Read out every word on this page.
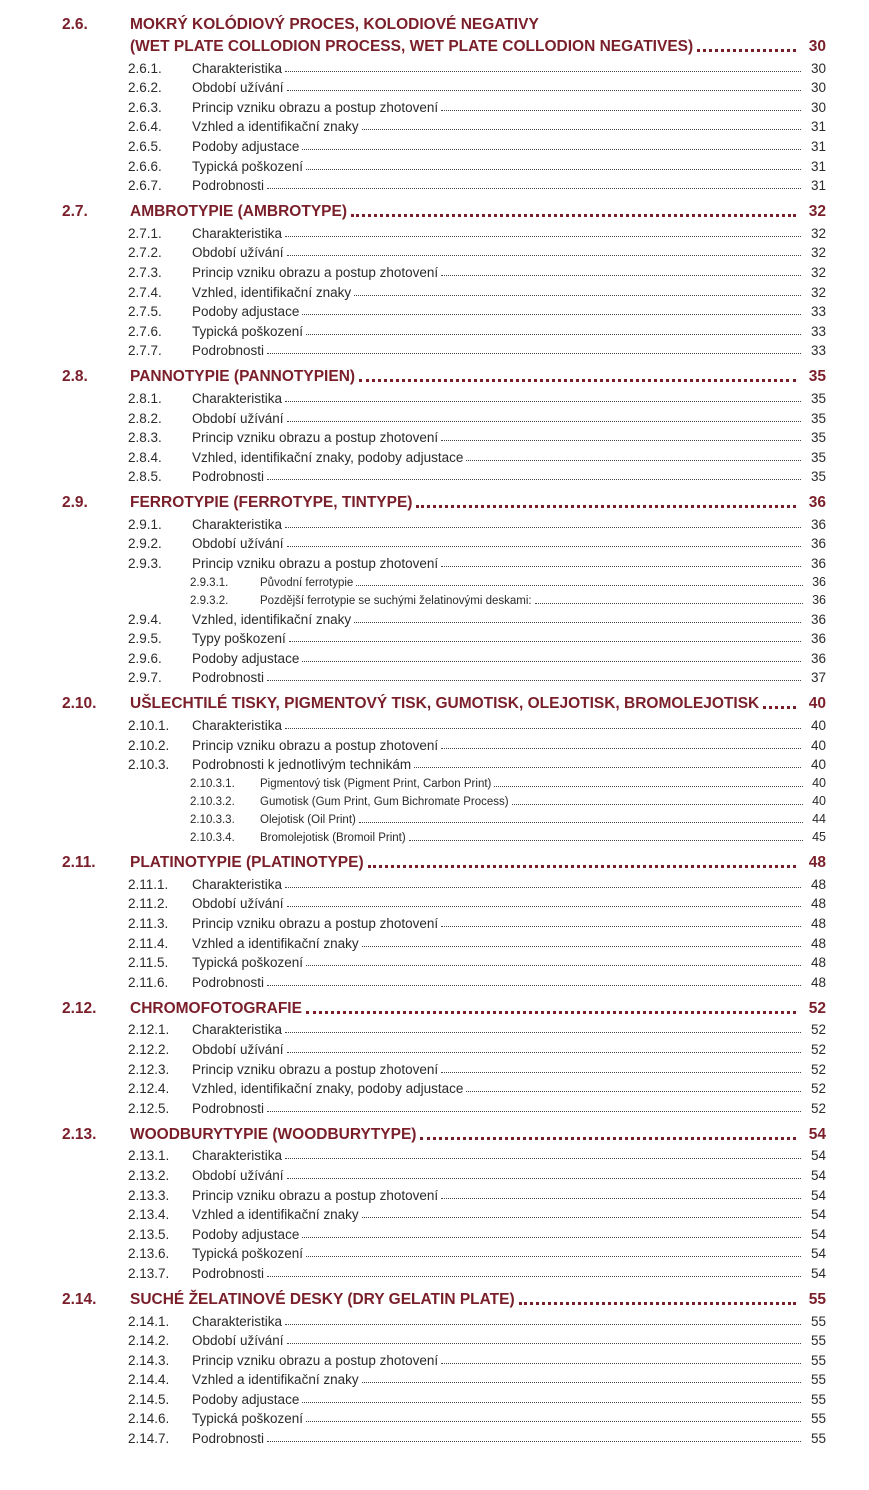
2.6.	MOKRÝ KOLÓDIOVÝ PROCES, KOLODIOVÉ NEGATIVY
(WET PLATE COLLODION PROCESS, WET PLATE COLLODION NEGATIVES)	30
2.6.1.	Charakteristika	30
2.6.2.	Období užívání	30
2.6.3.	Princip vzniku obrazu a postup zhotovení	30
2.6.4.	Vzhled a identifikační znaky	31
2.6.5.	Podoby adjustace	31
2.6.6.	Typická poškození	31
2.6.7.	Podrobnosti	31
2.7.	AMBROTYPIE (AMBROTYPE)	32
2.7.1.	Charakteristika	32
2.7.2.	Období užívání	32
2.7.3.	Princip vzniku obrazu a postup zhotovení	32
2.7.4.	Vzhled, identifikační znaky	32
2.7.5.	Podoby adjustace	33
2.7.6.	Typická poškození	33
2.7.7.	Podrobnosti	33
2.8.	PANNOTYPIE (PANNOTYPIEN)	35
2.8.1.	Charakteristika	35
2.8.2.	Období užívání	35
2.8.3.	Princip vzniku obrazu a postup zhotovení	35
2.8.4.	Vzhled, identifikační znaky, podoby adjustace	35
2.8.5.	Podrobnosti	35
2.9.	FERROTYPIE (FERROTYPE, TINTYPE)	36
2.9.1.	Charakteristika	36
2.9.2.	Období užívání	36
2.9.3.	Princip vzniku obrazu a postup zhotovení	36
2.9.3.1.	Původní ferrotypie	36
2.9.3.2.	Pozdější ferrotypie se suchými želatinovými deskami:	36
2.9.4.	Vzhled, identifikační znaky	36
2.9.5.	Typy poškození	36
2.9.6.	Podoby adjustace	36
2.9.7.	Podrobnosti	37
2.10.	UŠLECHTILÉ TISKY, PIGMENTOVÝ TISK, GUMOTISK, OLEJOTISK, BROMOLEJOTISK	40
2.10.1.	Charakteristika	40
2.10.2.	Princip vzniku obrazu a postup zhotovení	40
2.10.3.	Podrobnosti k jednotlivým technikám	40
2.10.3.1.	Pigmentový tisk (Pigment Print, Carbon Print)	40
2.10.3.2.	Gumotisk (Gum Print, Gum Bichromate Process)	40
2.10.3.3.	Olejotisk (Oil Print)	44
2.10.3.4.	Bromolejotisk (Bromoil Print)	45
2.11.	PLATINOTYPIE (PLATINOTYPE)	48
2.11.1.	Charakteristika	48
2.11.2.	Období užívání	48
2.11.3.	Princip vzniku obrazu a postup zhotovení	48
2.11.4.	Vzhled a identifikační znaky	48
2.11.5.	Typická poškození	48
2.11.6.	Podrobnosti	48
2.12.	CHROMOFOTOGRAFIE	52
2.12.1.	Charakteristika	52
2.12.2.	Období užívání	52
2.12.3.	Princip vzniku obrazu a postup zhotovení	52
2.12.4.	Vzhled, identifikační znaky, podoby adjustace	52
2.12.5.	Podrobnosti	52
2.13.	WOODBURYTYPIE (WOODBURYTYPE)	54
2.13.1.	Charakteristika	54
2.13.2.	Období užívání	54
2.13.3.	Princip vzniku obrazu a postup zhotovení	54
2.13.4.	Vzhled a identifikační znaky	54
2.13.5.	Podoby adjustace	54
2.13.6.	Typická poškození	54
2.13.7.	Podrobnosti	54
2.14.	SUCHÉ ŽELATINOVÉ DESKY (DRY GELATIN PLATE)	55
2.14.1.	Charakteristika	55
2.14.2.	Období užívání	55
2.14.3.	Princip vzniku obrazu a postup zhotovení	55
2.14.4.	Vzhled a identifikační znaky	55
2.14.5.	Podoby adjustace	55
2.14.6.	Typická poškození	55
2.14.7.	Podrobnosti	55
